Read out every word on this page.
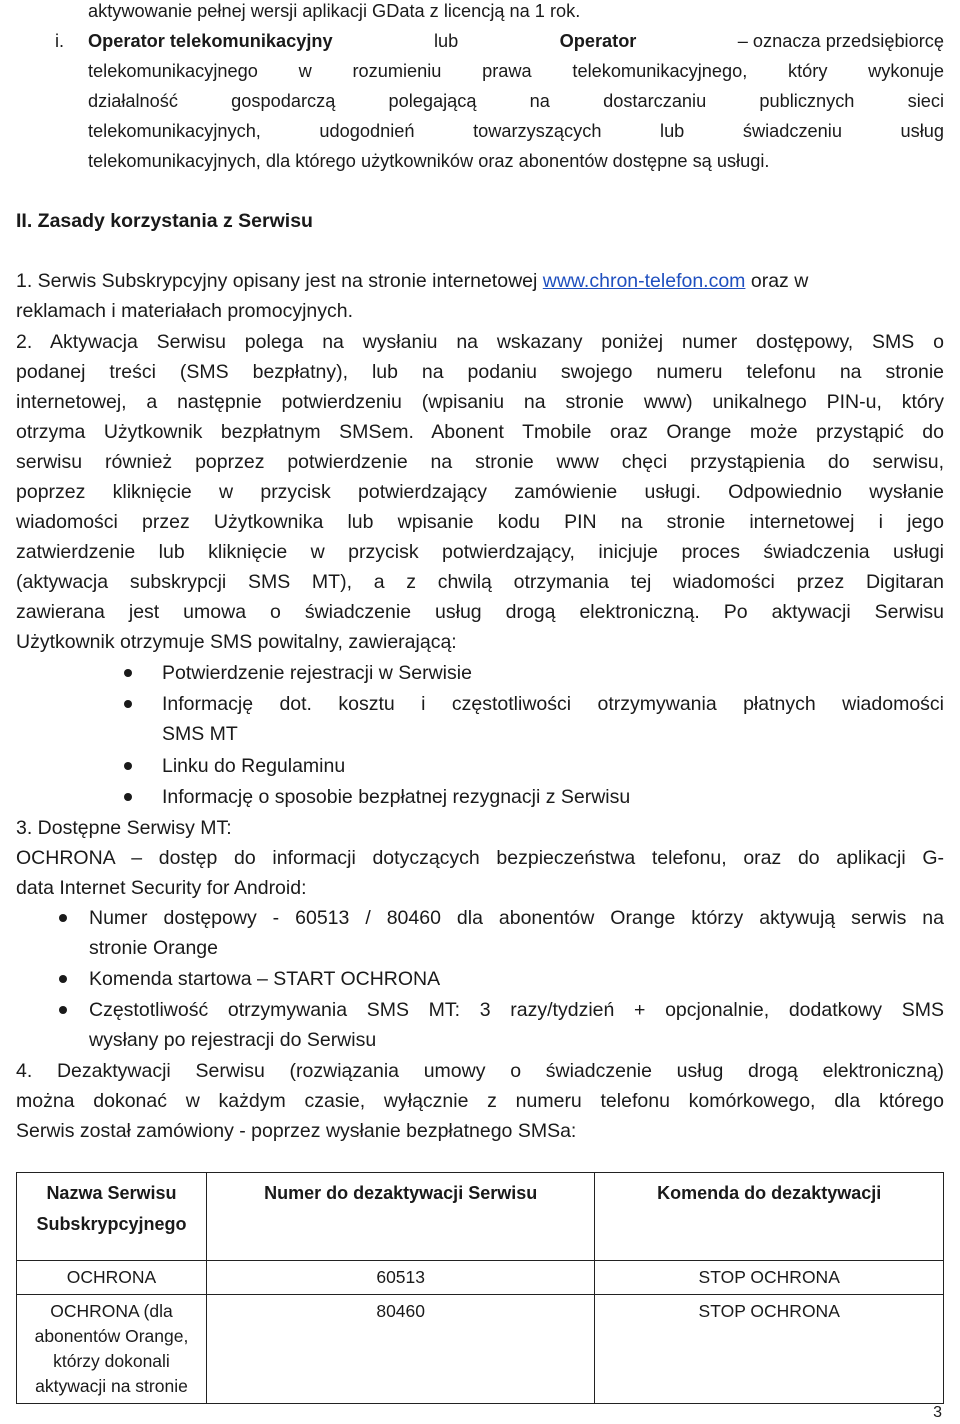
aktywowanie pełnej wersji aplikacji GData z licencją na 1 rok.
i. Operator telekomunikacyjny	lub	Operator	– oznacza przedsiębiorcę
telekomunikacyjnego w rozumieniu prawa telekomunikacyjnego, który wykonuje
działalność gospodarczą polegającą na dostarczaniu publicznych sieci
telekomunikacyjnych, udogodnień towarzyszących lub świadczeniu usług
telekomunikacyjnych, dla którego użytkowników oraz abonentów dostępne są usługi.
II. Zasady korzystania z Serwisu
1. Serwis Subskrypcyjny opisany jest na stronie internetowej www.chron-telefon.com oraz w
reklamach i materiałach promocyjnych.
2. Aktywacja Serwisu polega na wysłaniu na wskazany poniżej numer dostępowy, SMS o
podanej treści (SMS bezpłatny), lub na podaniu swojego numeru telefonu na stronie
internetowej, a następnie potwierdzeniu (wpisaniu na stronie www) unikalnego PIN-u, który
otrzyma Użytkownik bezpłatnym SMSem. Abonent Tmobile oraz Orange może przystąpić do
serwisu również poprzez potwierdzenie na stronie www chęci przystąpienia do serwisu,
poprzez kliknięcie w przycisk potwierdzający zamówienie usługi. Odpowiednio wysłanie
wiadomości przez Użytkownika lub wpisanie kodu PIN na stronie internetowej i jego
zatwierdzenie lub kliknięcie w przycisk potwierdzający, inicjuje proces świadczenia usługi
(aktywacja subskrypcji SMS MT), a z chwilą otrzymania tej wiadomości przez Digitaran
zawierana jest umowa o świadczenie usług drogą elektroniczną. Po aktywacji Serwisu
Użytkownik otrzymuje SMS powitalny, zawierającą:
Potwierdzenie rejestracji w Serwisie
Informację dot. kosztu i częstotliwości otrzymywania płatnych wiadomości
SMS MT
Linku do Regulaminu
Informację o sposobie bezpłatnej rezygnacji z Serwisu
3. Dostępne Serwisy MT:
OCHRONA – dostęp do informacji dotyczących bezpieczeństwa telefonu, oraz do aplikacji G-
data Internet Security for Android:
Numer dostępowy - 60513 / 80460 dla abonentów Orange którzy aktywują serwis na
stronie Orange
Komenda startowa – START OCHRONA
Częstotliwość otrzymywania SMS MT: 3 razy/tydzień + opcjonalnie, dodatkowy SMS
wysłany po rejestracji do Serwisu
4. Dezaktywacji Serwisu (rozwiązania umowy o świadczenie usług drogą elektroniczną)
można dokonać w każdym czasie, wyłącznie z numeru telefonu komórkowego, dla którego
Serwis został zamówiony - poprzez wysłanie bezpłatnego SMSa:
Nazwa Serwisu Subskrypcyjnego	Numer do dezaktywacji Serwisu	Komenda do dezaktywacji
OCHRONA	60513	STOP OCHRONA
OCHRONA (dla abonentów Orange, którzy dokonali aktywacji na stronie	80460	STOP OCHRONA
3
